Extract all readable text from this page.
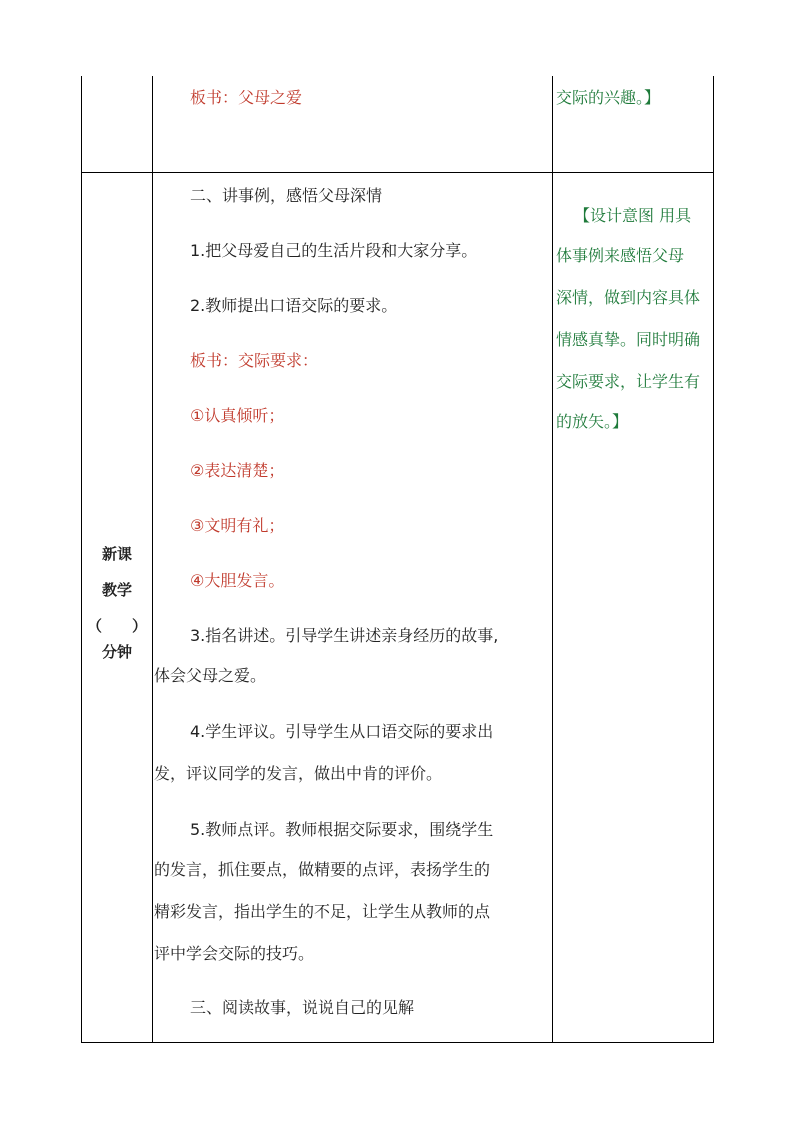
板书：父母之爱	交际的兴趣。】
新课
教学
（　　）
分钟
二、讲事例，感悟父母深情
1.把父母爱自己的生活片段和大家分享。
2.教师提出口语交际的要求。
板书：交际要求：
①认真倾听；
②表达清楚；
③文明有礼；
④大胆发言。
3.指名讲述。引导学生讲述亲身经历的故事,
体会父母之爱。
4.学生评议。引导学生从口语交际的要求出
发，评议同学的发言，做出中肯的评价。
5.教师点评。教师根据交际要求，围绕学生
的发言，抓住要点，做精要的点评，表扬学生的
精彩发言，指出学生的不足，让学生从教师的点
评中学会交际的技巧。
三、阅读故事，说说自己的见解
【设计意图 用具
体事例来感悟父母
深情，做到内容具体
情感真挚。同时明确
交际要求，让学生有
的放矢。】
